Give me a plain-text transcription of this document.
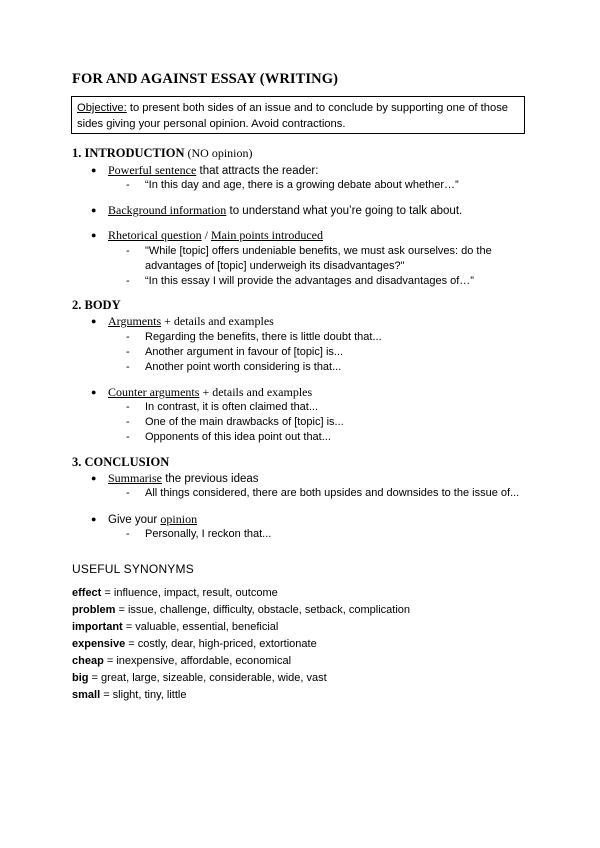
FOR AND AGAINST ESSAY (WRITING)
Objective: to present both sides of an issue and to conclude by supporting one of those sides giving your personal opinion. Avoid contractions.
1. INTRODUCTION (NO opinion)
● Powerful sentence that attracts the reader:
- “In this day and age, there is a growing debate about whether…”
● Background information to understand what you’re going to talk about.
● Rhetorical question / Main points introduced
- "While [topic] offers undeniable benefits, we must ask ourselves: do the advantages of [topic] underweigh its disadvantages?"
- “In this essay I will provide the advantages and disadvantages of…”
2. BODY
● Arguments + details and examples
- Regarding the benefits, there is little doubt that...
- Another argument in favour of [topic] is...
- Another point worth considering is that...
● Counter arguments + details and examples
- In contrast, it is often claimed that...
- One of the main drawbacks of [topic] is...
- Opponents of this idea point out that...
3. CONCLUSION
● Summarise the previous ideas
- All things considered, there are both upsides and downsides to the issue of...
● Give your opinion
- Personally, I reckon that...
USEFUL SYNONYMS
effect = influence, impact, result, outcome
problem = issue, challenge, difficulty, obstacle, setback, complication
important = valuable, essential, beneficial
expensive = costly, dear, high-priced, extortionate
cheap = inexpensive, affordable, economical
big = great, large, sizeable, considerable, wide, vast
small = slight, tiny, little
